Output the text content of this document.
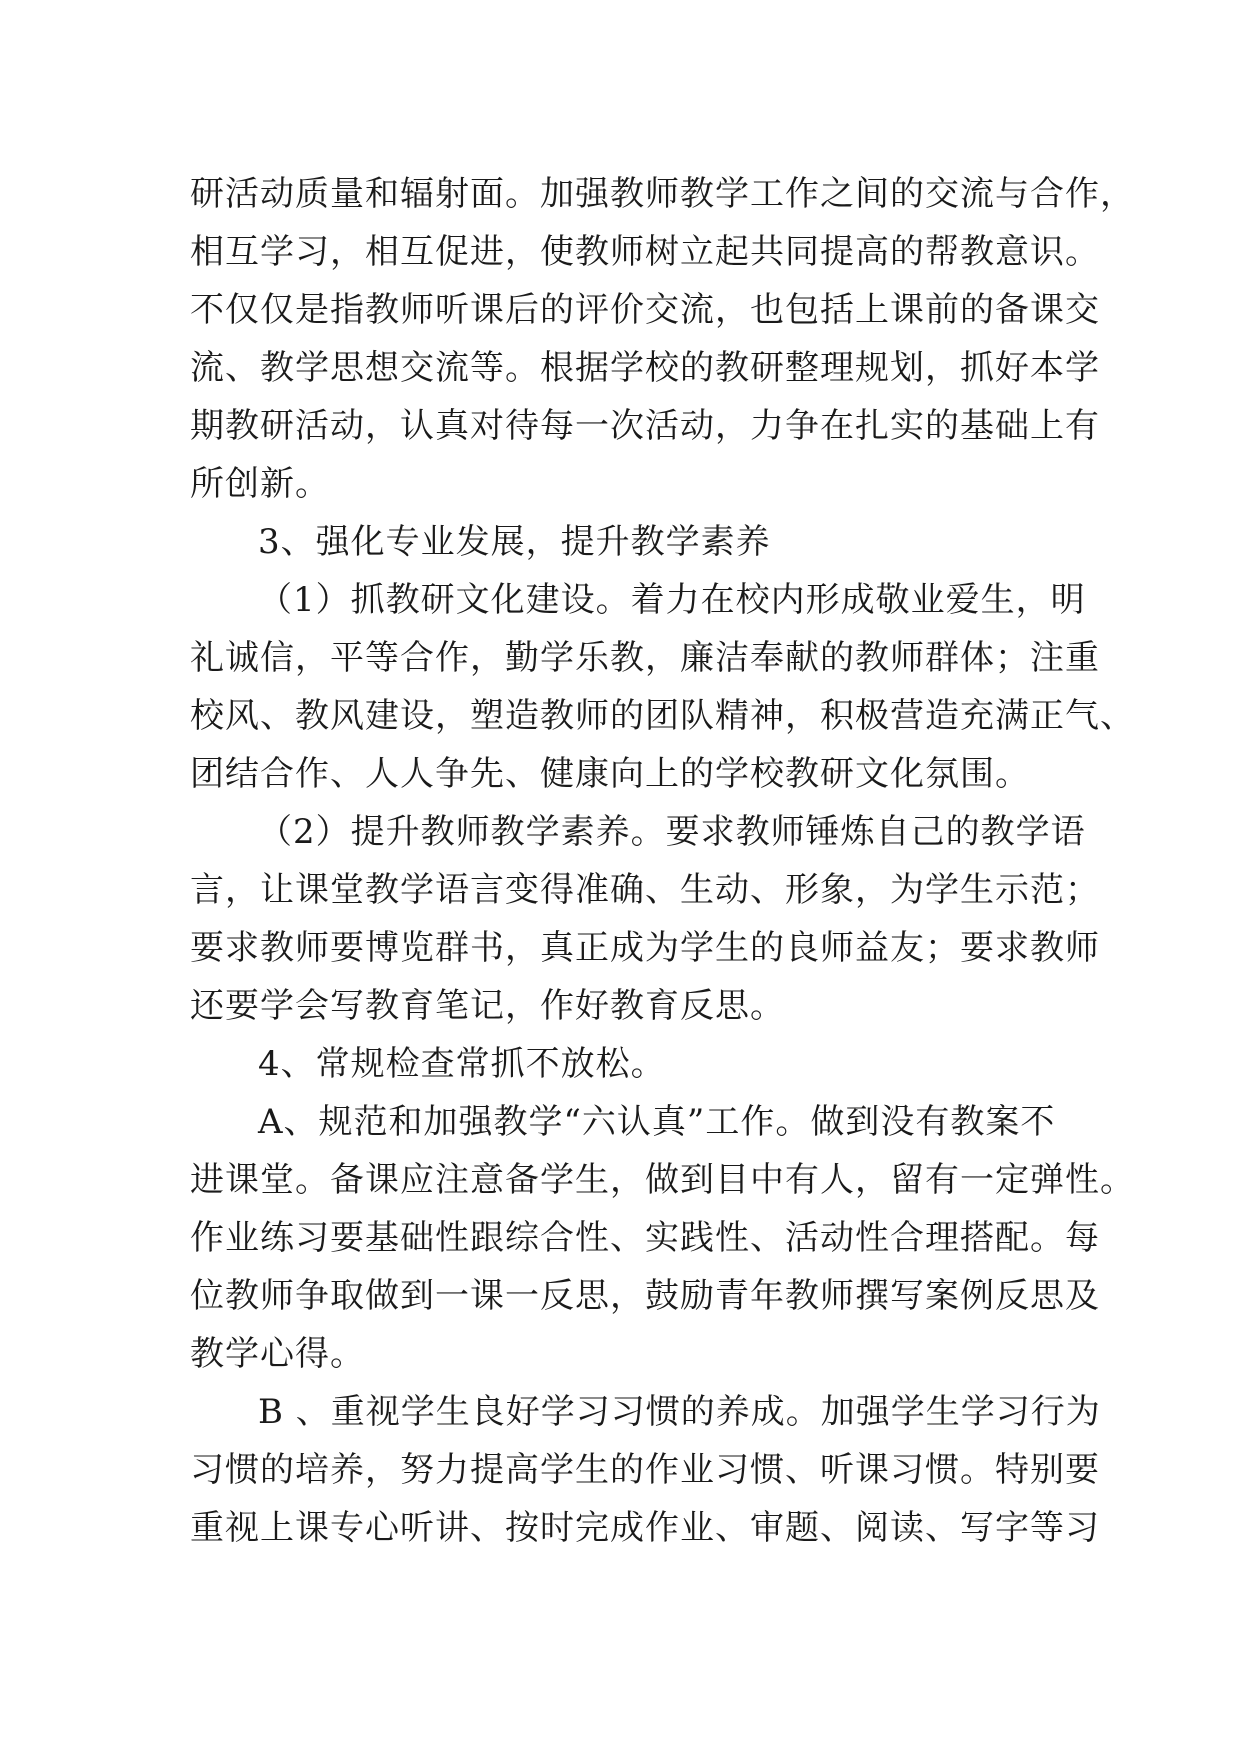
研活动质量和辐射面。加强教师教学工作之间的交流与合作，
相互学习，相互促进，使教师树立起共同提高的帮教意识。
不仅仅是指教师听课后的评价交流，也包括上课前的备课交
流、教学思想交流等。根据学校的教研整理规划，抓好本学
期教研活动，认真对待每一次活动，力争在扎实的基础上有
所创新。
3、强化专业发展，提升教学素养
（1）抓教研文化建设。着力在校内形成敬业爱生，明
礼诚信，平等合作，勤学乐教，廉洁奉献的教师群体；注重
校风、教风建设，塑造教师的团队精神，积极营造充满正气、
团结合作、人人争先、健康向上的学校教研文化氛围。
（2）提升教师教学素养。要求教师锤炼自己的教学语
言，让课堂教学语言变得准确、生动、形象，为学生示范；
要求教师要博览群书，真正成为学生的良师益友；要求教师
还要学会写教育笔记，作好教育反思。
4、常规检查常抓不放松。
A、规范和加强教学“六认真”工作。做到没有教案不
进课堂。备课应注意备学生，做到目中有人，留有一定弹性。
作业练习要基础性跟综合性、实践性、活动性合理搭配。每
位教师争取做到一课一反思，鼓励青年教师撰写案例反思及
教学心得。
B 、重视学生良好学习习惯的养成。加强学生学习行为
习惯的培养，努力提高学生的作业习惯、听课习惯。特别要
重视上课专心听讲、按时完成作业、审题、阅读、写字等习
